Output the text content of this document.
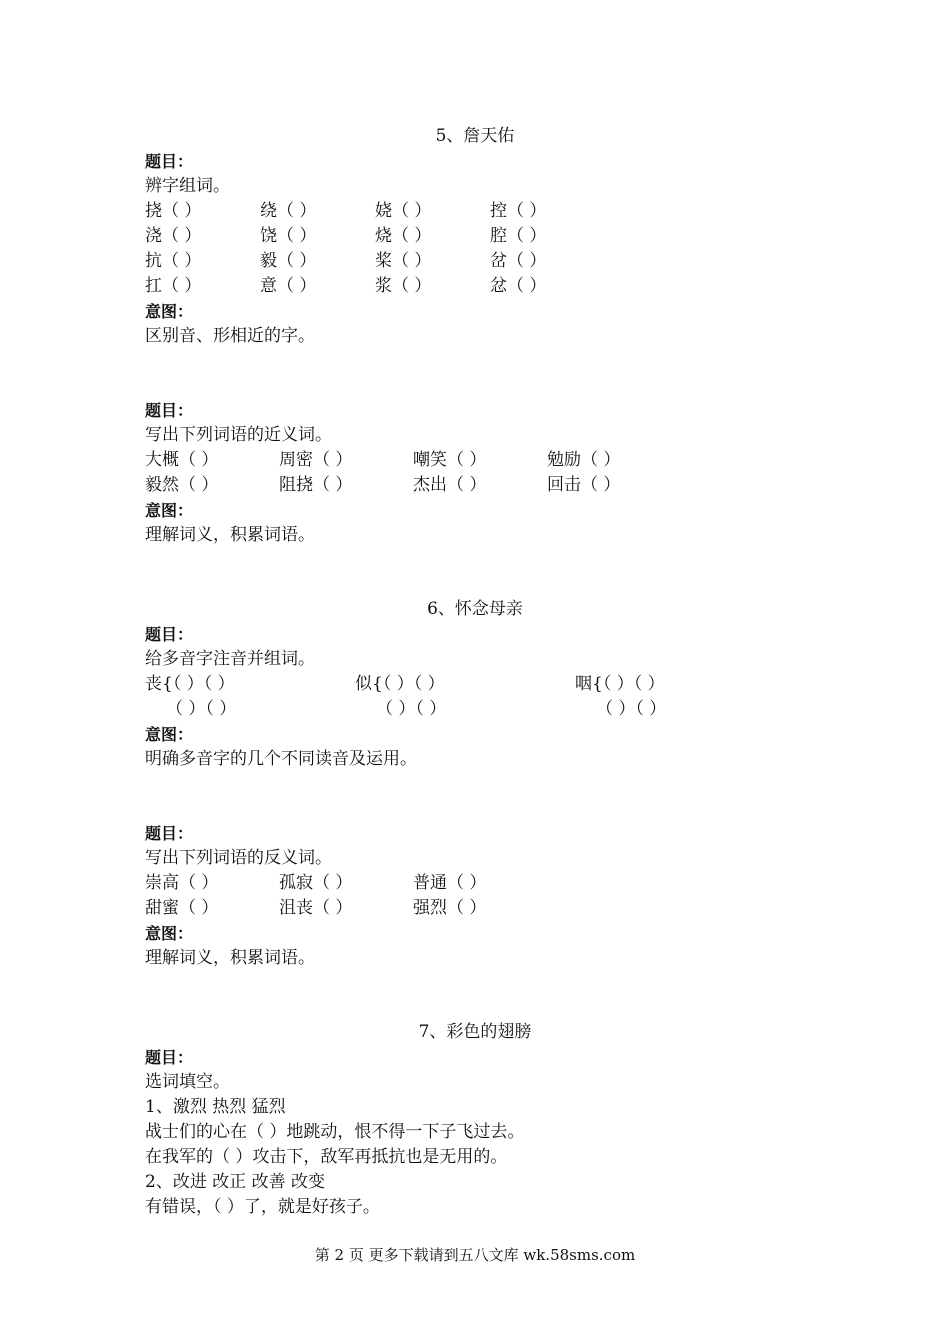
5、詹天佑
题目：
辨字组词。
挠（ ）	绕（ ）	娆（ ）	控（ ）
浇（ ）	饶（ ）	烧（ ）	腔（ ）
抗（ ）	毅（ ）	桨（ ）	岔（ ）
扛（ ）	意（ ）	浆（ ）	忿（ ）
意图：
区别音、形相近的字。
题目：
写出下列词语的近义词。
大概（ ）	周密（ ）	嘲笑（ ）	勉励（ ）
毅然（ ）	阻挠（ ）	杰出（ ）	回击（ ）
意图：
理解词义，积累词语。
6、怀念母亲
题目：
给多音字注音并组词。
丧{（ ）（ ）	似{（ ）（ ）	咽{（ ）（ ）
（ ）（ ）	（ ）（ ）	（ ）（ ）
意图：
明确多音字的几个不同读音及运用。
题目：
写出下列词语的反义词。
崇高（ ）	孤寂（ ）	普通（ ）
甜蜜（ ）	沮丧（ ）	强烈（ ）
意图：
理解词义，积累词语。
7、彩色的翅膀
题目：
选词填空。
1、激烈 热烈 猛烈
战士们的心在（ ）地跳动，恨不得一下子飞过去。
在我军的（ ）攻击下，敌军再抵抗也是无用的。
2、改进 改正 改善 改变
有错误，（ ）了，就是好孩子。
第 2 页 更多下载请到五八文库 wk.58sms.com
